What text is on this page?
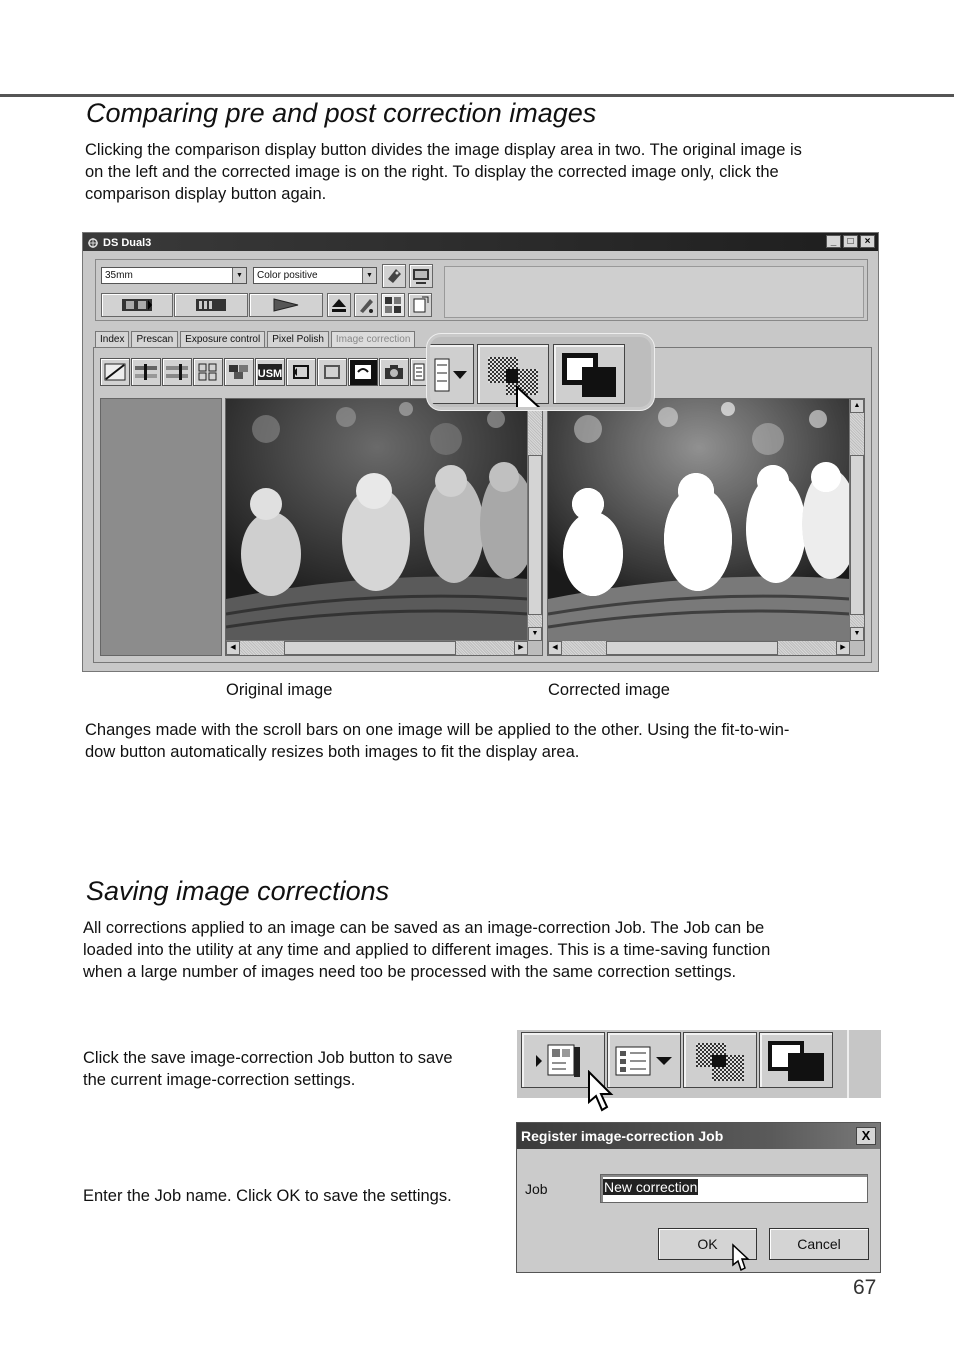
Comparing pre and post correction images
Clicking the comparison display button divides the image display area in two. The original image is
on the left and the corrected image is on the right. To display the corrected image only, click the
comparison display button again.
DS Dual3	_	□	×
35mm	▼	Color positive	▼
Index	Prescan	Exposure control	Pixel Polish	Image correction
USM
▼
◀	▶
▲
▼
◀	▶
Original image	Corrected image
Changes made with the scroll bars on one image will be applied to the other. Using the fit-to-win-
dow button automatically resizes both images to fit the display area.
Saving image corrections
All corrections applied to an image can be saved as an image-correction Job. The Job can be
loaded into the utility at any time and applied to different images. This is a time-saving function
when a large number of images need too be processed with the same correction settings.
Click the save image-correction Job button to save
the current image-correction settings.
Enter the Job name. Click OK to save the settings.
Register image-correction Job	X
Job	New correction
OK	Cancel
67
